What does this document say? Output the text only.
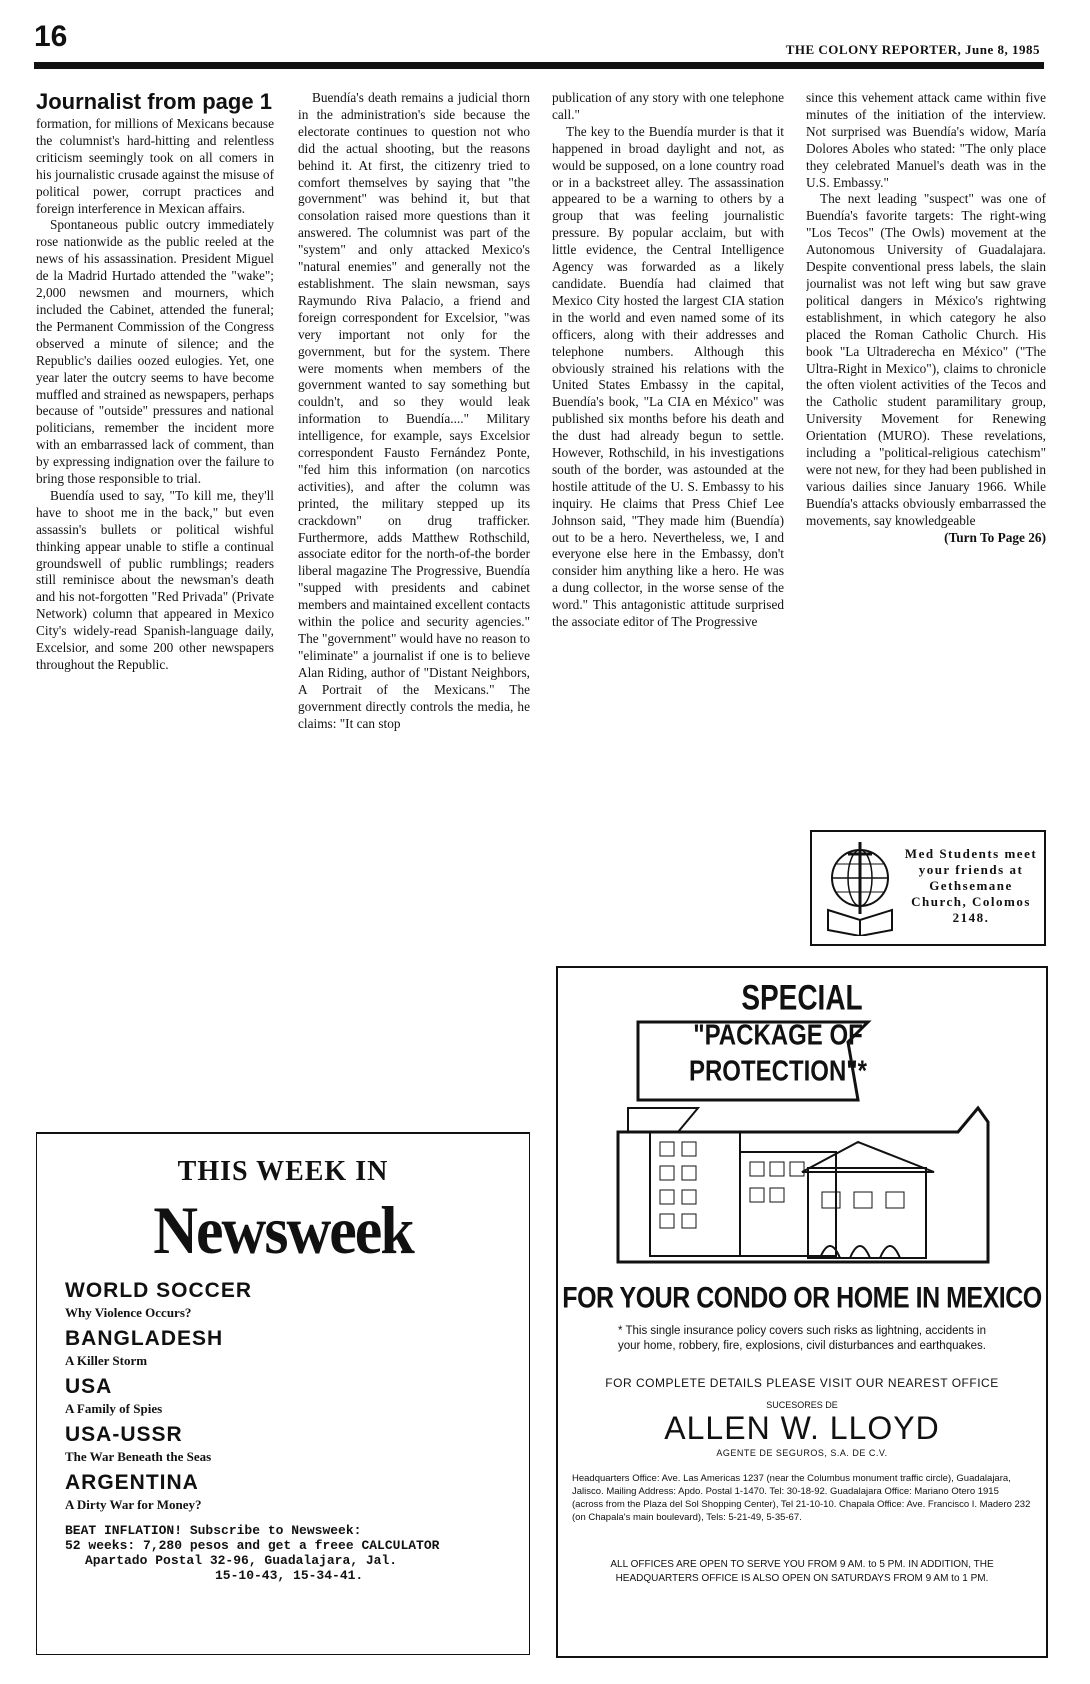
16	THE COLONY REPORTER, June 8, 1985
Journalist from page 1

formation, for millions of Mexicans because the columnist's hard-hitting and relentless criticism seemingly took on all comers in his journalistic crusade against the misuse of political power, corrupt practices and foreign interference in Mexican affairs.

Spontaneous public outcry immediately rose nationwide as the public reeled at the news of his assassination. President Miguel de la Madrid Hurtado attended the "wake"; 2,000 newsmen and mourners, which included the Cabinet, attended the funeral; the Permanent Commission of the Congress observed a minute of silence; and the Republic's dailies oozed eulogies. Yet, one year later the outcry seems to have become muffled and strained as newspapers, perhaps because of "outside" pressures and national politicians, remember the incident more with an embarrassed lack of comment, than by expressing indignation over the failure to bring those responsible to trial.

Buendía used to say, "To kill me, they'll have to shoot me in the back," but even assassin's bullets or political wishful thinking appear unable to stifle a continual groundswell of public rumblings; readers still reminisce about the newsman's death and his not-forgotten "Red Privada" (Private Network) column that appeared in Mexico City's widely-read Spanish-language daily, Excelsior, and some 200 other newspapers throughout the Republic.

Buendía's death remains a judicial thorn in the administration's side because the electorate continues to question not who did the actual shooting, but the reasons behind it. At first, the citizenry tried to comfort themselves by saying that "the government" was behind it, but that consolation raised more questions than it answered. The columnist was part of the "system" and only attacked Mexico's "natural enemies" and generally not the establishment. The slain newsman, says Raymundo Riva Palacio, a friend and foreign correspondent for Excelsior, "was very important not only for the government, but for the system. There were moments when members of the government wanted to say something but couldn't, and so they would leak information to Buendía...." Military intelligence, for example, says Excelsior correspondent Fausto Fernández Ponte, "fed him this information (on narcotics activities), and after the column was printed, the military stepped up its crackdown" on drug trafficker. Furthermore, adds Matthew Rothschild, associate editor for the north-of-the border liberal magazine The Progressive, Buendía "supped with presidents and cabinet members and maintained excellent contacts within the police and security agencies." The "government" would have no reason to "eliminate" a journalist if one is to believe Alan Riding, author of "Distant Neighbors, A Portrait of the Mexicans." The government directly controls the media, he claims: "It can stop

publication of any story with one telephone call."

The key to the Buendía murder is that it happened in broad daylight and not, as would be supposed, on a lone country road or in a backstreet alley. The assassination appeared to be a warning to others by a group that was feeling journalistic pressure. By popular acclaim, but with little evidence, the Central Intelligence Agency was forwarded as a likely candidate. Buendía had claimed that Mexico City hosted the largest CIA station in the world and even named some of its officers, along with their addresses and telephone numbers. Although this obviously strained his relations with the United States Embassy in the capital, Buendía's book, "La CIA en México" was published six months before his death and the dust had already begun to settle. However, Rothschild, in his investigations south of the border, was astounded at the hostile attitude of the U. S. Embassy to his inquiry. He claims that Press Chief Lee Johnson said, "They made him (Buendía) out to be a hero. Nevertheless, we, I and everyone else here in the Embassy, don't consider him anything like a hero. He was a dung collector, in the worse sense of the word." This antagonistic attitude surprised the associate editor of The Progressive

since this vehement attack came within five minutes of the initiation of the interview. Not surprised was Buendía's widow, María Dolores Aboles who stated: "The only place they celebrated Manuel's death was in the U.S. Embassy."

The next leading "suspect" was one of Buendía's favorite targets: The right-wing "Los Tecos" (The Owls) movement at the Autonomous University of Guadalajara. Despite conventional press labels, the slain journalist was not left wing but saw grave political dangers in México's rightwing establishment, in which category he also placed the Roman Catholic Church. His book "La Ultraderecha en México" ("The Ultra-Right in Mexico"), claims to chronicle the often violent activities of the Tecos and the Catholic student paramilitary group, University Movement for Renewing Orientation (MURO). These revelations, including a "political-religious catechism" were not new, for they had been published in various dailies since January 1966. While Buendía's attacks obviously embarrassed the movements, say knowledgeable

(Turn To Page 26)
Med Students meet your friends at Gethsemane Church, Colomos 2148.
THIS WEEK IN
Newsweek
WORLD SOCCER
Why Violence Occurs?
BANGLADESH
A Killer Storm
USA
A Family of Spies
USA-USSR
The War Beneath the Seas
ARGENTINA
A Dirty War for Money?
BEAT INFLATION! Subscribe to Newsweek:
52 weeks: 7,280 pesos and get a freee CALCULATOR
Apartado Postal 32-96, Guadalajara, Jal.
15-10-43, 15-34-41.
SPECIAL
"PACKAGE OF PROTECTION"*
FOR YOUR CONDO OR HOME IN MEXICO
* This single insurance policy covers such risks as lightning, accidents in your home, robbery, fire, explosions, civil disturbances and earthquakes.
FOR COMPLETE DETAILS PLEASE VISIT OUR NEAREST OFFICE
SUCESORES DE
ALLEN W. LLOYD
AGENTE DE SEGUROS, S.A. DE C.V.
Headquarters Office: Ave. Las Americas 1237 (near the Columbus monument traffic circle), Guadalajara, Jalisco. Mailing Address: Apdo. Postal 1-1470. Tel: 30-18-92. Guadalajara Office: Mariano Otero 1915 (across from the Plaza del Sol Shopping Center), Tel 21-10-10. Chapala Office: Ave. Francisco I. Madero 232 (on Chapala's main boulevard), Tels: 5-21-49, 5-35-67.
ALL OFFICES ARE OPEN TO SERVE YOU FROM 9 AM. to 5 PM. IN ADDITION, THE HEADQUARTERS OFFICE IS ALSO OPEN ON SATURDAYS FROM 9 AM to 1 PM.
